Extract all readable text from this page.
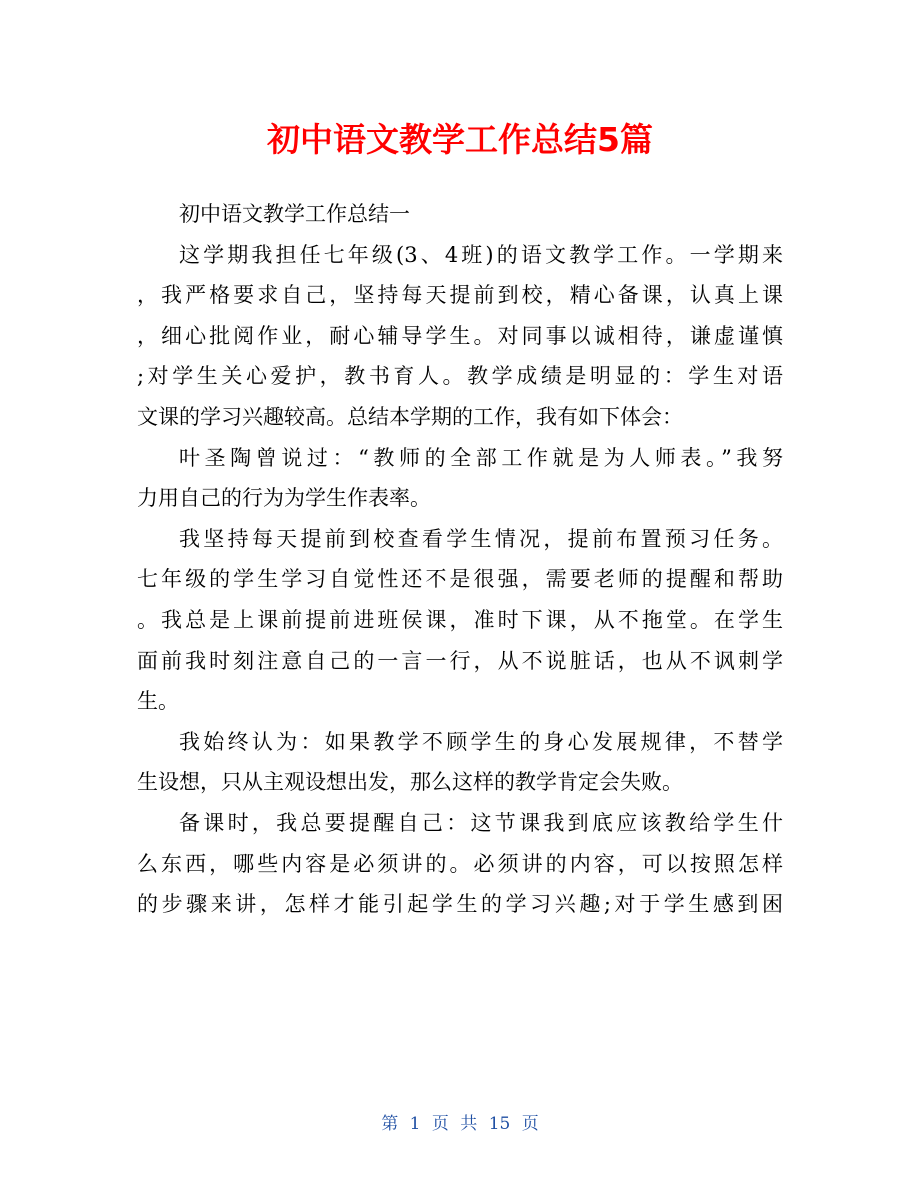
初中语文教学工作总结5篇
初中语文教学工作总结一
这学期我担任七年级(3、4班)的语文教学工作。一学期来
，我严格要求自己，坚持每天提前到校，精心备课，认真上课
，细心批阅作业，耐心辅导学生。对同事以诚相待，谦虚谨慎
;对学生关心爱护，教书育人。教学成绩是明显的：学生对语
文课的学习兴趣较高。总结本学期的工作，我有如下体会：
叶圣陶曾说过：“教师的全部工作就是为人师表。”我努
力用自己的行为为学生作表率。
我坚持每天提前到校查看学生情况，提前布置预习任务。
七年级的学生学习自觉性还不是很强，需要老师的提醒和帮助
。我总是上课前提前进班侯课，准时下课，从不拖堂。在学生
面前我时刻注意自己的一言一行，从不说脏话，也从不讽刺学
生。
我始终认为：如果教学不顾学生的身心发展规律，不替学
生设想，只从主观设想出发，那么这样的教学肯定会失败。
备课时，我总要提醒自己：这节课我到底应该教给学生什
么东西，哪些内容是必须讲的。必须讲的内容，可以按照怎样
的步骤来讲，怎样才能引起学生的学习兴趣;对于学生感到困
第 1 页 共 15 页
